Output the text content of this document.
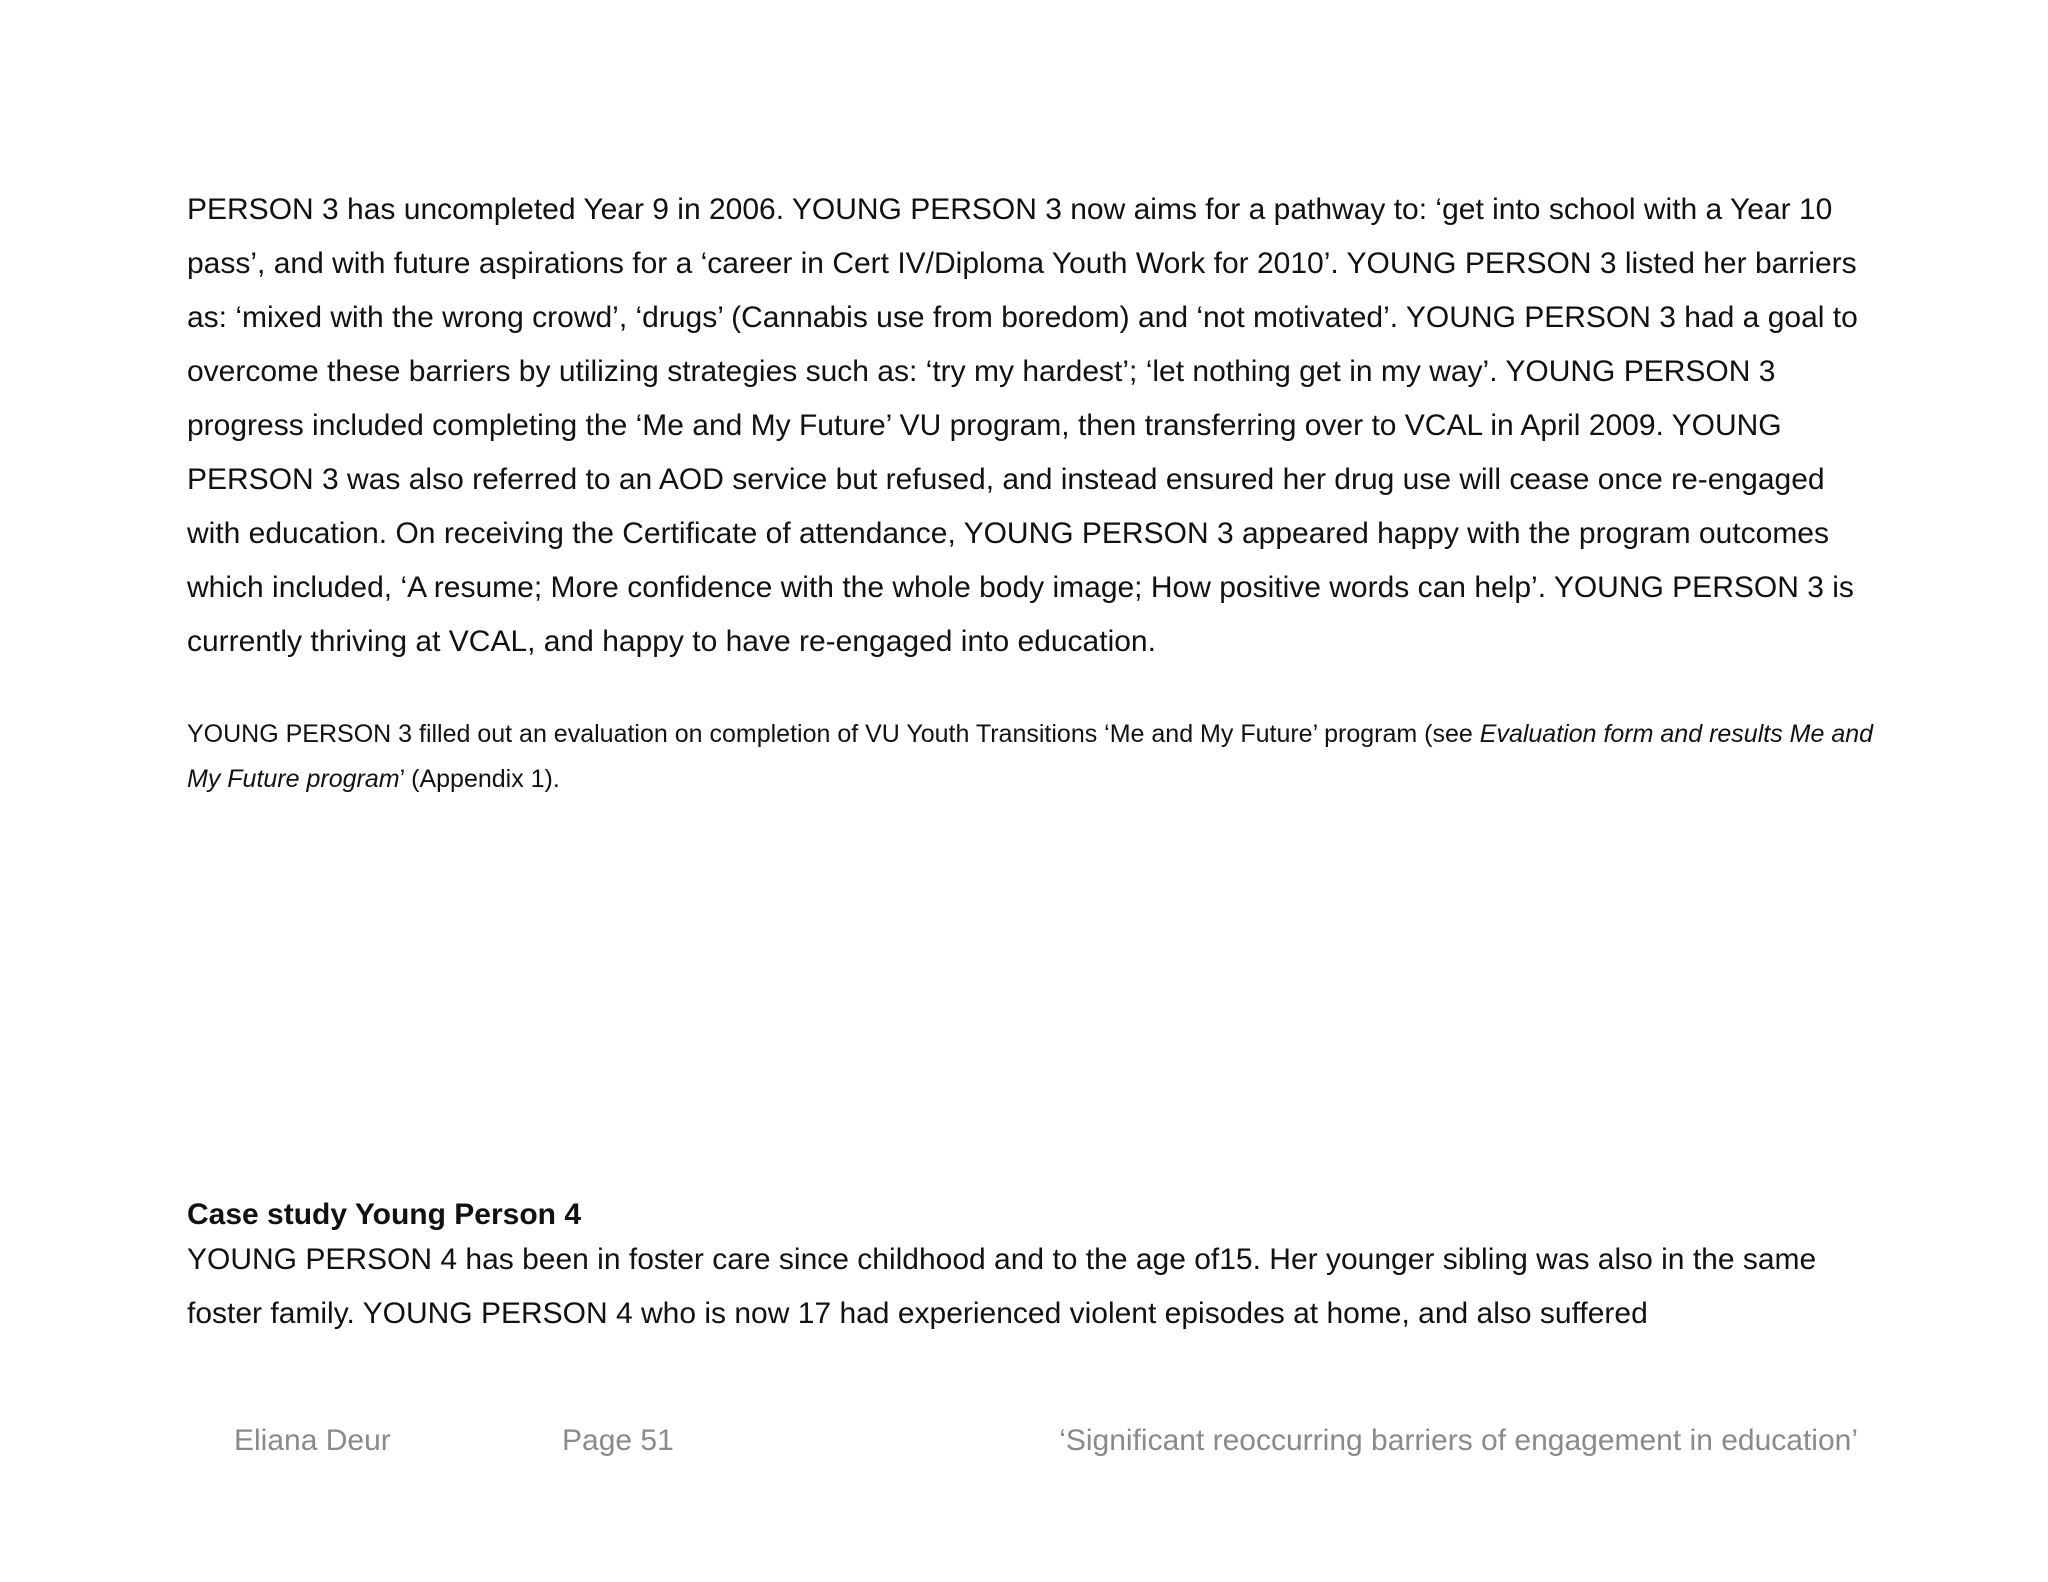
PERSON 3 has uncompleted Year 9 in 2006. YOUNG PERSON 3 now aims for a pathway to: ‘get into school with a Year 10 pass’, and with future aspirations for a ‘career in Cert IV/Diploma Youth Work for 2010’. YOUNG PERSON 3 listed her barriers as: ‘mixed with the wrong crowd’, ‘drugs’ (Cannabis use from boredom) and ‘not motivated’. YOUNG PERSON 3 had a goal to overcome these barriers by utilizing strategies such as: ‘try my hardest’; ‘let nothing get in my way’. YOUNG PERSON 3 progress included completing the ‘Me and My Future’ VU program, then transferring over to VCAL in April 2009. YOUNG PERSON 3 was also referred to an AOD service but refused, and instead ensured her drug use will cease once re-engaged with education. On receiving the Certificate of attendance, YOUNG PERSON 3 appeared happy with the program outcomes which included, ‘A resume; More confidence with the whole body image; How positive words can help’. YOUNG PERSON 3 is currently thriving at VCAL, and happy to have re-engaged into education.

YOUNG PERSON 3 filled out an evaluation on completion of VU Youth Transitions ‘Me and My Future’ program (see Evaluation form and results Me and My Future program’ (Appendix 1).

Case study Young Person 4

YOUNG PERSON 4 has been in foster care since childhood and to the age of15. Her younger sibling was also in the same foster family. YOUNG PERSON 4 who is now 17 had experienced violent episodes at home, and also suffered

Eliana Deur	Page 51	‘Significant reoccurring barriers of engagement in education’
